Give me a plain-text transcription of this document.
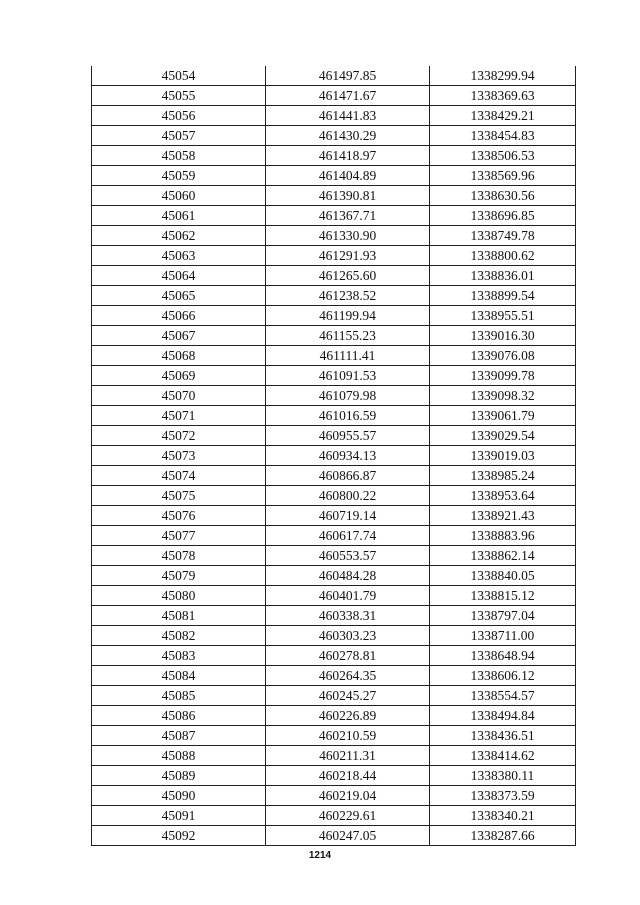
45054	461497.85	1338299.94
45055	461471.67	1338369.63
45056	461441.83	1338429.21
45057	461430.29	1338454.83
45058	461418.97	1338506.53
45059	461404.89	1338569.96
45060	461390.81	1338630.56
45061	461367.71	1338696.85
45062	461330.90	1338749.78
45063	461291.93	1338800.62
45064	461265.60	1338836.01
45065	461238.52	1338899.54
45066	461199.94	1338955.51
45067	461155.23	1339016.30
45068	461111.41	1339076.08
45069	461091.53	1339099.78
45070	461079.98	1339098.32
45071	461016.59	1339061.79
45072	460955.57	1339029.54
45073	460934.13	1339019.03
45074	460866.87	1338985.24
45075	460800.22	1338953.64
45076	460719.14	1338921.43
45077	460617.74	1338883.96
45078	460553.57	1338862.14
45079	460484.28	1338840.05
45080	460401.79	1338815.12
45081	460338.31	1338797.04
45082	460303.23	1338711.00
45083	460278.81	1338648.94
45084	460264.35	1338606.12
45085	460245.27	1338554.57
45086	460226.89	1338494.84
45087	460210.59	1338436.51
45088	460211.31	1338414.62
45089	460218.44	1338380.11
45090	460219.04	1338373.59
45091	460229.61	1338340.21
45092	460247.05	1338287.66
1214
